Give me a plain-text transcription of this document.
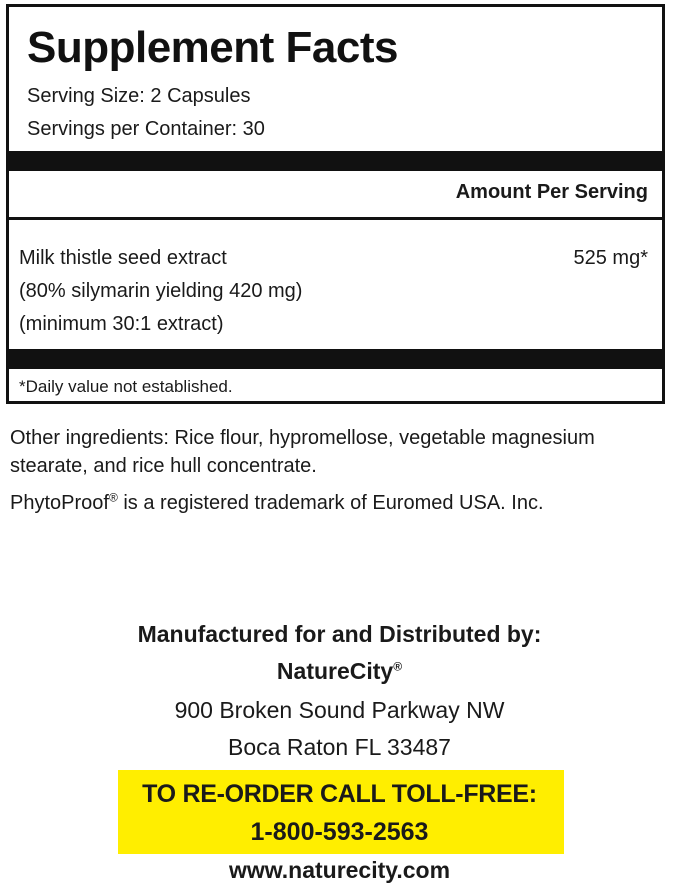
Supplement Facts
Serving Size: 2 Capsules
Servings per Container: 30
Amount Per Serving
Milk thistle seed extract
(80% silymarin yielding 420 mg)
(minimum 30:1 extract)
525 mg*
*Daily value not established.
Other ingredients: Rice flour, hypromellose, vegetable magnesium stearate, and rice hull concentrate.
PhytoProof® is a registered trademark of Euromed USA. Inc.
Manufactured for and Distributed by:
NatureCity®
900 Broken Sound Parkway NW
Boca Raton FL 33487
TO RE-ORDER CALL TOLL-FREE:
1-800-593-2563
www.naturecity.com
